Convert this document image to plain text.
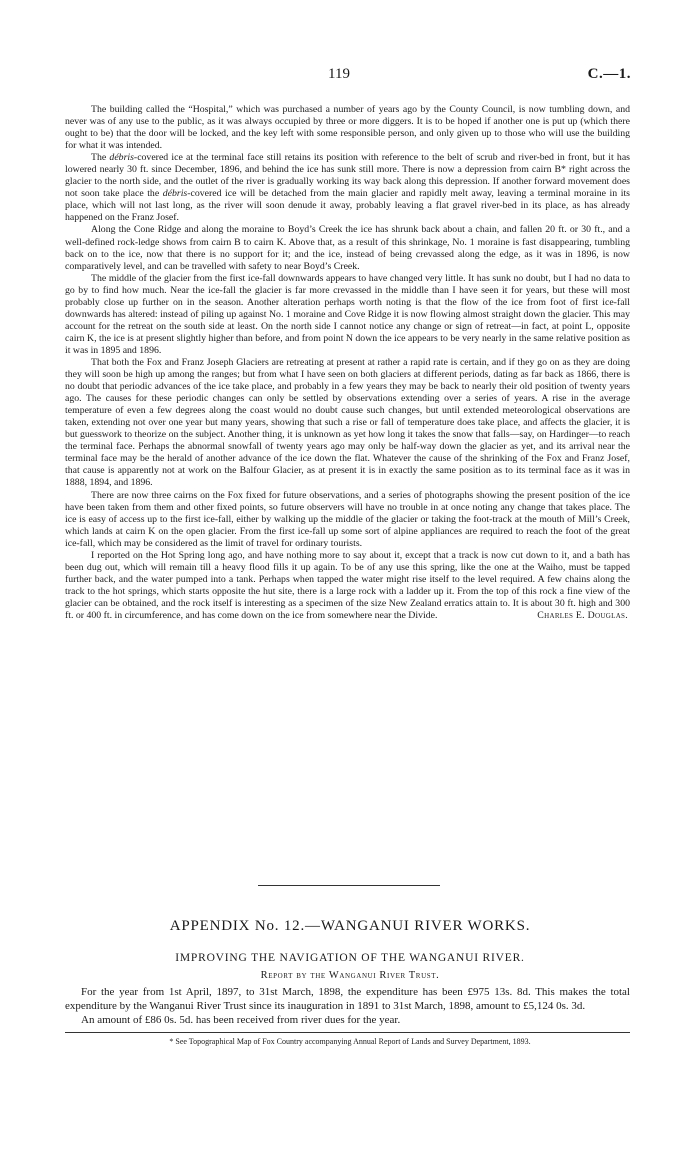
119	C.—1.

The building called the “Hospital,” which was purchased a number of years ago by the County Council, is now tumbling down, and never was of any use to the public, as it was always occupied by three or more diggers. It is to be hoped if another one is put up (which there ought to be) that the door will be locked, and the key left with some responsible person, and only given up to those who will use the building for what it was intended.

The débris-covered ice at the terminal face still retains its position with reference to the belt of scrub and river-bed in front, but it has lowered nearly 30 ft. since December, 1896, and behind the ice has sunk still more. There is now a depression from cairn B* right across the glacier to the north side, and the outlet of the river is gradually working its way back along this depression. If another forward movement does not soon take place the débris-covered ice will be detached from the main glacier and rapidly melt away, leaving a terminal moraine in its place, which will not last long, as the river will soon denude it away, probably leaving a flat gravel river-bed in its place, as has already happened on the Franz Josef.

Along the Cone Ridge and along the moraine to Boyd’s Creek the ice has shrunk back about a chain, and fallen 20 ft. or 30 ft., and a well-defined rock-ledge shows from cairn B to cairn K. Above that, as a result of this shrinkage, No. 1 moraine is fast disappearing, tumbling back on to the ice, now that there is no support for it; and the ice, instead of being crevassed along the edge, as it was in 1896, is now comparatively level, and can be travelled with safety to near Boyd’s Creek.

The middle of the glacier from the first ice-fall downwards appears to have changed very little. It has sunk no doubt, but I had no data to go by to find how much. Near the ice-fall the glacier is far more crevassed in the middle than I have seen it for years, but these will most probably close up further on in the season. Another alteration perhaps worth noting is that the flow of the ice from foot of first ice-fall downwards has altered: instead of piling up against No. 1 moraine and Cove Ridge it is now flowing almost straight down the glacier. This may account for the retreat on the south side at least. On the north side I cannot notice any change or sign of retreat—in fact, at point L, opposite cairn K, the ice is at present slightly higher than before, and from point N down the ice appears to be very nearly in the same relative position as it was in 1895 and 1896.

That both the Fox and Franz Joseph Glaciers are retreating at present at rather a rapid rate is certain, and if they go on as they are doing they will soon be high up among the ranges; but from what I have seen on both glaciers at different periods, dating as far back as 1866, there is no doubt that periodic advances of the ice take place, and probably in a few years they may be back to nearly their old position of twenty years ago. The causes for these periodic changes can only be settled by observations extending over a series of years. A rise in the average temperature of even a few degrees along the coast would no doubt cause such changes, but until extended meteorological observations are taken, extending not over one year but many years, showing that such a rise or fall of temperature does take place, and affects the glacier, it is but guesswork to theorize on the subject. Another thing, it is unknown as yet how long it takes the snow that falls—say, on Hardinger—to reach the terminal face. Perhaps the abnormal snowfall of twenty years ago may only be half-way down the glacier as yet, and its arrival near the terminal face may be the herald of another advance of the ice down the flat. Whatever the cause of the shrinking of the Fox and Franz Josef, that cause is apparently not at work on the Balfour Glacier, as at present it is in exactly the same position as to its terminal face as it was in 1888, 1894, and 1896.

There are now three cairns on the Fox fixed for future observations, and a series of photographs showing the present position of the ice have been taken from them and other fixed points, so future observers will have no trouble in at once noting any change that takes place. The ice is easy of access up to the first ice-fall, either by walking up the middle of the glacier or taking the foot-track at the mouth of Mill’s Creek, which lands at cairn K on the open glacier. From the first ice-fall up some sort of alpine appliances are required to reach the foot of the great ice-fall, which may be considered as the limit of travel for ordinary tourists.

I reported on the Hot Spring long ago, and have nothing more to say about it, except that a track is now cut down to it, and a bath has been dug out, which will remain till a heavy flood fills it up again. To be of any use this spring, like the one at the Waiho, must be tapped further back, and the water pumped into a tank. Perhaps when tapped the water might rise itself to the level required. A few chains along the track to the hot springs, which starts opposite the hut site, there is a large rock with a ladder up it. From the top of this rock a fine view of the glacier can be obtained, and the rock itself is interesting as a specimen of the size New Zealand erratics attain to. It is about 30 ft. high and 300 ft. or 400 ft. in circumference, and has come down on the ice from somewhere near the Divide.	Charles E. Douglas.

APPENDIX No. 12.—WANGANUI RIVER WORKS.
IMPROVING THE NAVIGATION OF THE WANGANUI RIVER.
Report by the Wanganui River Trust.

For the year from 1st April, 1897, to 31st March, 1898, the expenditure has been £975 13s. 8d. This makes the total expenditure by the Wanganui River Trust since its inauguration in 1891 to 31st March, 1898, amount to £5,124 0s. 3d.

An amount of £86 0s. 5d. has been received from river dues for the year.

* See Topographical Map of Fox Country accompanying Annual Report of Lands and Survey Department, 1893.
